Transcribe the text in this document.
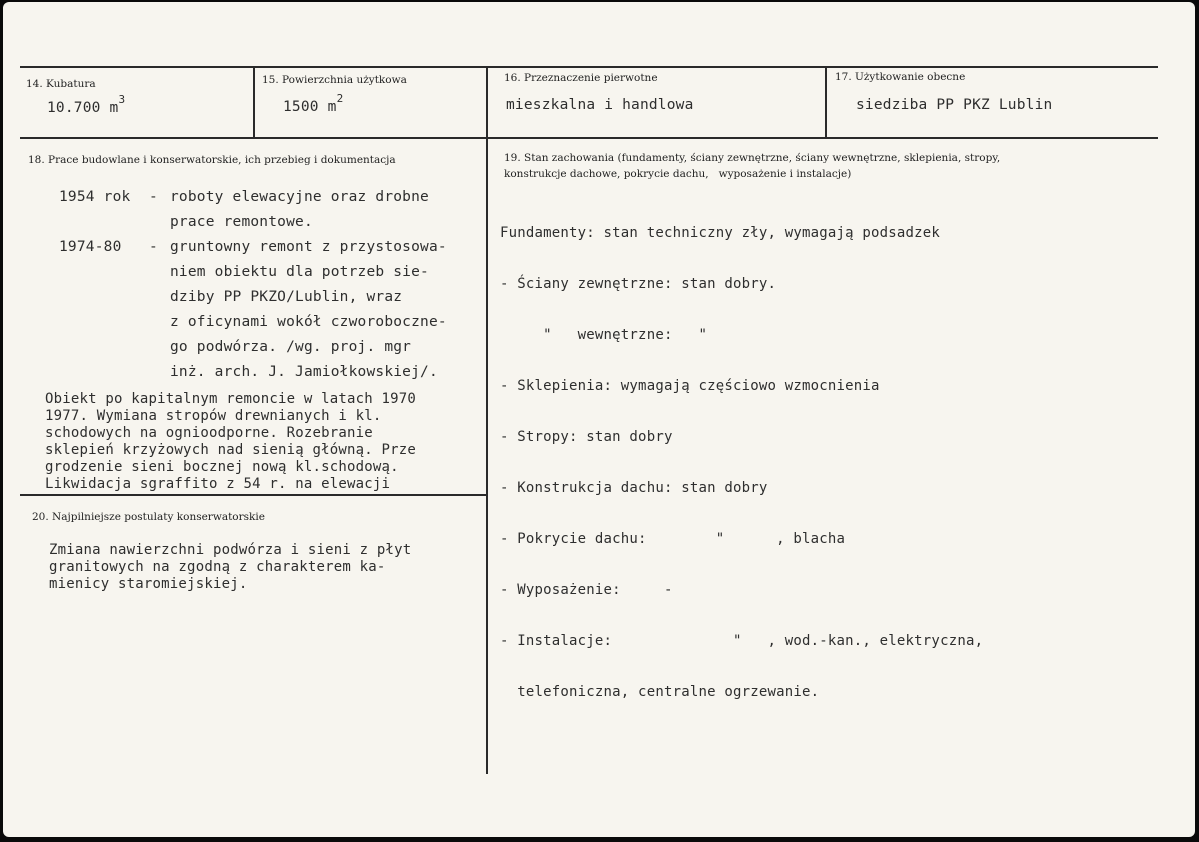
14. Kubatura
10.700 $m^3$
15. Powierzchnia użytkowa
1500 $m^2$
16. Przeznaczenie pierwotne
mieszkalna i handlowa
17. Użytkowanie obecne
siedziba PP PKZ Lublin
18. Prace budowlane i konserwatorskie, ich przebieg i dokumentacja
1954 rok - roboty elewacyjne oraz drobne
prace remontowe.
1974-80 - gruntowny remont z przystosowa-
niem obiektu dla potrzeb sie-
dziby PP PKZO/Lublin, wraz
z oficynami wokół czworoboczne-
go podwórza. /wg. proj. mgr
inż. arch. J. Jamiołkowskiej/.
Obiekt po kapitalnym remoncie w latach 1970
1977. Wymiana stropów drewnianych i kl.
schodowych na ognioodporne. Rozebranie
sklepień krzyżowych nad sienią główną. Prze
grodzenie sieni bocznej nową kl.schodową.
Likwidacja sgraffito z 54 r. na elewacji
19. Stan zachowania (fundamenty, ściany zewnętrzne, ściany wewnętrzne, sklepienia, stropy,
konstrukcje dachowe, pokrycie dachu,   wyposażenie i instalacje)

Fundamenty: stan techniczny zły, wymagają podsadzek

- Ściany zewnętrzne: stan dobry.

"   wewnętrzne:   "

- Sklepienia: wymagają częściowo wzmocnienia

- Stropy: stan dobry

- Konstrukcja dachu: stan dobry

- Pokrycie dachu:        "      , blacha

- Wyposażenie:     -

- Instalacje:              "   , wod.-kan., elektryczna,

telefoniczna, centralne ogrzewanie.

20. Najpilniejsze postulaty konserwatorskie
Zmiana nawierzchni podwórza i sieni z płyt
granitowych na zgodną z charakterem ka-
mienicy staromiejskiej.
